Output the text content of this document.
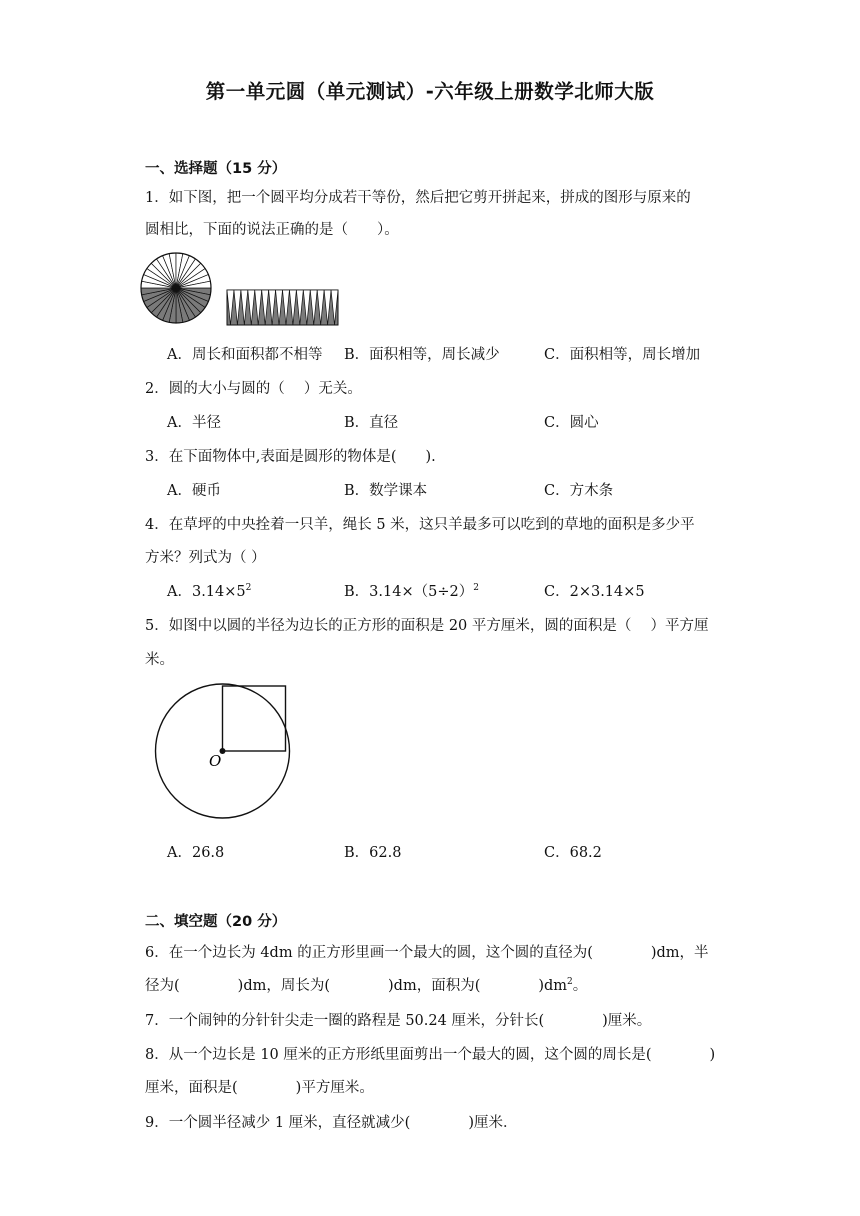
第一单元圆（单元测试）-六年级上册数学北师大版
一、选择题（15 分）
1．如下图，把一个圆平均分成若干等份，然后把它剪开拼起来，拼成的图形与原来的
圆相比，下面的说法正确的是（　　）。
A．周长和面积都不相等 B．面积相等，周长减少	C．面积相等，周长增加
2．圆的大小与圆的（　 ）无关。
A．半径	B．直径	C．圆心
3．在下面物体中,表面是圆形的物体是(　　).
A．硬币	B．数学课本	C．方木条
4．在草坪的中央拴着一只羊，绳长 5 米，这只羊最多可以吃到的草地的面积是多少平
方米？列式为（ ）
A．$3.14\times 5^2$	B．$3.14\times(5\div 2)^2$	C．2×3.14×5
5．如图中以圆的半径为边长的正方形的面积是 20 平方厘米，圆的面积是（　 ）平方厘
米。
O
A．26.8	B．62.8	C．68.2
二、填空题（20 分）
6．在一个边长为 4dm 的正方形里画一个最大的圆，这个圆的直径为(　　　　)dm，半
径为(　　　　)dm，周长为(　　　　)dm，面积为(　　　　)$dm^2$。
7．一个闹钟的分针针尖走一圈的路程是 50.24 厘米，分针长(　　　　)厘米。
8．从一个边长是 10 厘米的正方形纸里面剪出一个最大的圆，这个圆的周长是(　　　　)
厘米，面积是(　　　　)平方厘米。
9．一个圆半径减少 1 厘米，直径就减少(　　　　)厘米．
